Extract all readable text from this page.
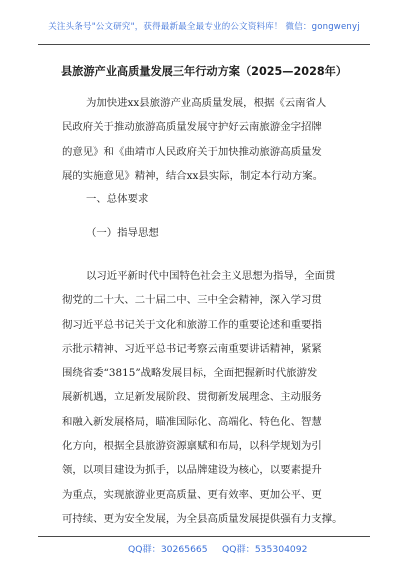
关注头条号"公文研究"，获得最新最全最专业的公文资料库！ 微信：gongwenyj
县旅游产业高质量发展三年行动方案（2025—2028年）
为加快进xx县旅游产业高质量发展，根据《云南省人
民政府关于推动旅游高质量发展守护好云南旅游金字招牌
的意见》和《曲靖市人民政府关于加快推动旅游高质量发
展的实施意见》精神，结合xx县实际，制定本行动方案。
一、总体要求
（一）指导思想
以习近平新时代中国特色社会主义思想为指导，全面贯
彻党的二十大、二十届二中、三中全会精神，深入学习贯
彻习近平总书记关于文化和旅游工作的重要论述和重要指
示批示精神、习近平总书记考察云南重要讲话精神，紧紧
围绕省委“3815”战略发展目标，全面把握新时代旅游发
展新机遇，立足新发展阶段、贯彻新发展理念、主动服务
和融入新发展格局，瞄准国际化、高端化、特色化、智慧
化方向，根据全县旅游资源禀赋和布局，以科学规划为引
领，以项目建设为抓手，以品牌建设为核心，以要素提升
为重点，实现旅游业更高质量、更有效率、更加公平、更
可持续、更为安全发展，为全县高质量发展提供强有力支撑。
QQ群：30265665 QQ群：535304092
